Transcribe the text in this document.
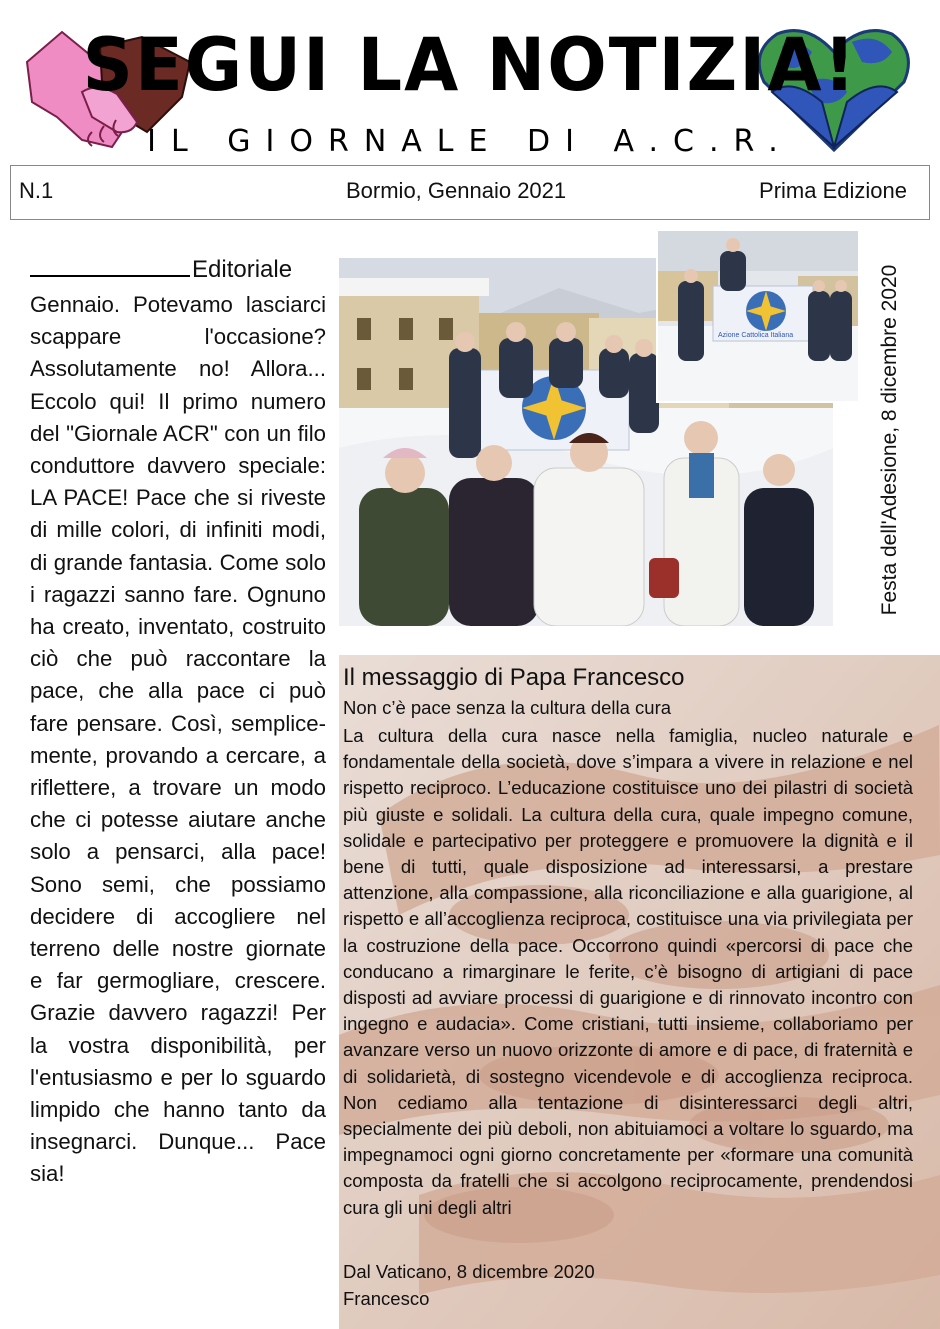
SEGUI LA NOTIZIA!
IL GIORNALE DI A.C.R.
N.1	Bormio, Gennaio 2021	Prima Edizione
Editoriale
Gennaio. Potevamo lasciarci scappare l'occasione? Assolutamente no! Allora... Eccolo qui! Il primo numero del "Giornale ACR" con un filo conduttore davvero speciale: LA PACE! Pace che si riveste di mille colori, di infiniti modi, di grande fantasia. Come solo i ragazzi sanno fare. Ognuno ha creato, inventato, costruito ciò che può raccontare la pace, che alla pace ci può fare pensare. Così, semplicemente, provando a cercare, a riflettere, a trovare un modo che ci potesse aiutare anche solo a pensarci, alla pace! Sono semi, che possiamo decidere di accogliere nel terreno delle nostre giornate e far germogliare, crescere. Grazie davvero ragazzi! Per la vostra disponibilità, per l'entusiasmo e per lo sguardo limpido che hanno tanto da insegnarci. Dunque... Pace sia!
Azione Cattolica Italiana	Festa dell'Adesione, 8 dicembre 2020
Il messaggio di Papa Francesco
Non c’è pace senza la cultura della cura
La cultura della cura nasce nella famiglia, nucleo naturale e fondamentale della società, dove s’impara a vivere in relazione e nel rispetto reciproco. L’educazione costituisce uno dei pilastri di società più giuste e solidali. La cultura della cura, quale impegno comune, solidale e partecipativo per proteggere e promuovere la dignità e il bene di tutti, quale disposizione ad interessarsi, a prestare attenzione, alla compassione, alla riconciliazione e alla guarigione, al rispetto e all’accoglienza reciproca, costituisce una via privilegiata per la costruzione della pace. Occorrono quindi «percorsi di pace che conducano a rimarginare le ferite, c’è bisogno di artigiani di pace disposti ad avviare processi di guarigione e di rinnovato incontro con ingegno e audacia». Come cristiani, tutti insieme, collaboriamo per avanzare verso un nuovo orizzonte di amore e di pace, di fraternità e di solidarietà, di sostegno vicendevole e di accoglienza reciproca. Non cediamo alla tentazione di disinteressarci degli altri, specialmente dei più deboli, non abituiamoci a voltare lo sguardo, ma impegnamoci ogni giorno concretamente per «formare una comunità composta da fratelli che si accolgono reciprocamente, prendendosi cura gli uni degli altri
Dal Vaticano, 8 dicembre 2020
Francesco
